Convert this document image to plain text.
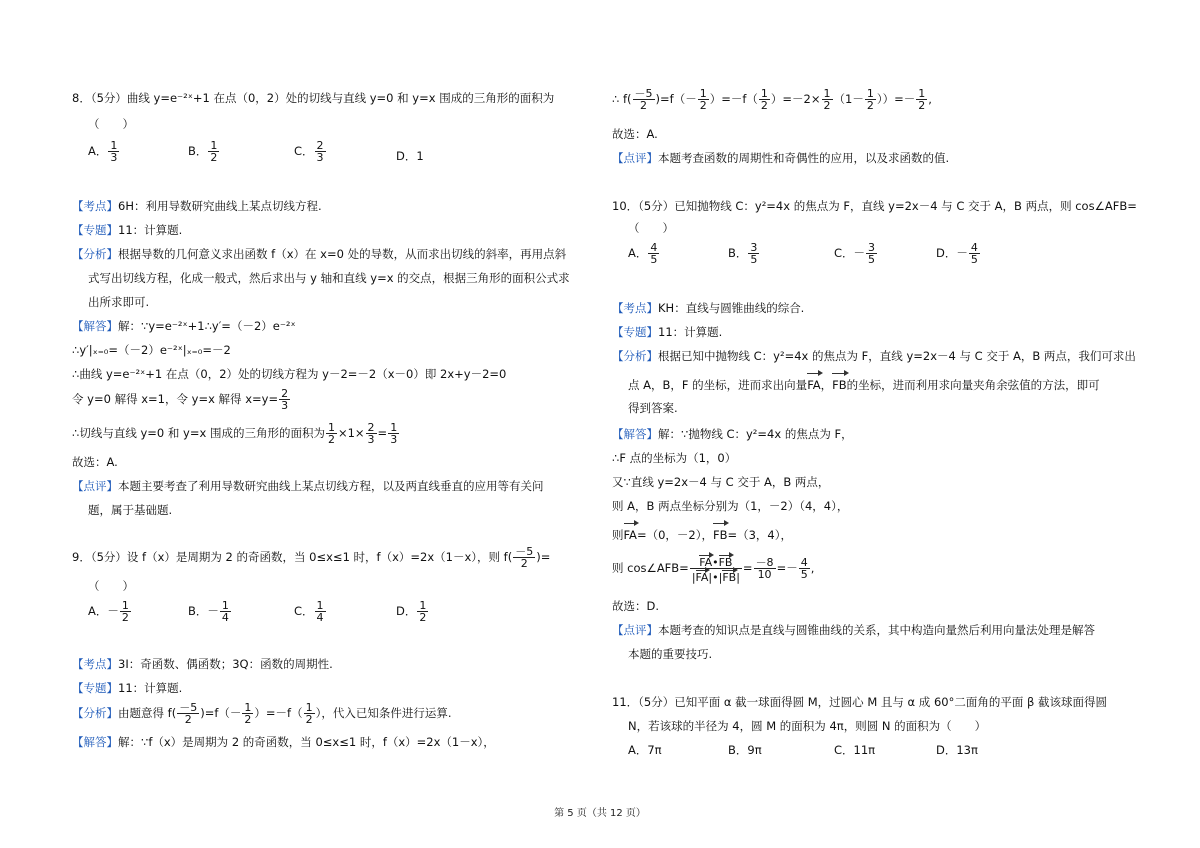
8．（5分）曲线 y=e⁻²ˣ+1 在点（0，2）处的切线与直线 y=0 和 y=x 围成的三角形的面积为
（　　）
A． $\frac{1}{3}$	B． $\frac{1}{2}$	C． $\frac{2}{3}$	D．1
【考点】6H：利用导数研究曲线上某点切线方程.
【专题】11：计算题.
【分析】根据导数的几何意义求出函数 f（x）在 x=0 处的导数，从而求出切线的斜率，再用点斜
式写出切线方程，化成一般式，然后求出与 y 轴和直线 y=x 的交点，根据三角形的面积公式求
出所求即可.
【解答】解：∵y=e⁻²ˣ+1∴y′=（－2）e⁻²ˣ
∴y′|ₓ₌₀=（－2）e⁻²ˣ|ₓ₌₀=－2
∴曲线 y=e⁻²ˣ+1 在点（0，2）处的切线方程为 y－2=－2（x－0）即 2x+y－2=0
令 y=0 解得 x=1，令 y=x 解得 $x=y= \frac{2}{3}$
∴切线与直线 y=0 和 y=x 围成的三角形的面积为 $\frac{1}{2} \times 1\times \frac{2}{3} = \frac{1}{3}$
故选：A.
【点评】本题主要考查了利用导数研究曲线上某点切线方程，以及两直线垂直的应用等有关问
题，属于基础题.
9．（5分）设 f（x）是周期为 2 的奇函数，当 0≤x≤1 时，f（x）=2x（1－x），则 $f( \frac{-5}{2}$ )=
（　　）
A．－ $\frac{1}{2}$	B．－ $\frac{1}{4}$	C． $\frac{1}{4}$	D． $\frac{1}{2}$
【考点】3I：奇函数、偶函数；3Q：函数的周期性.
【专题】11：计算题.
【分析】由题意得 $f( \frac{-5}{2} )=f(- \frac{1}{2} )=-f( \frac{1}{2}$ ），代入已知条件进行运算.
【解答】解：∵f（x）是周期为 2 的奇函数，当 0≤x≤1 时，f（x）=2x（1－x），
∴ $f( \frac{-5}{2} )=f(- \frac{1}{2} )=-f( \frac{1}{2} )=-2\times \frac{1}{2} (1- \frac{1}{2}$ ））=－ $\frac{1}{2}$ ,
故选：A.
【点评】本题考查函数的周期性和奇偶性的应用，以及求函数的值.
10．（5分）已知抛物线 C：y²=4x 的焦点为 F，直线 y=2x－4 与 C 交于 A，B 两点，则 cos∠AFB=
（　　）
A． $\frac{4}{5}$	B． $\frac{3}{5}$	C．－ $\frac{3}{5}$	D．－ $\frac{4}{5}$
【考点】KH：直线与圆锥曲线的综合.
【专题】11：计算题.
【分析】根据已知中抛物线 C：y²=4x 的焦点为 F，直线 y=2x－4 与 C 交于 A，B 两点，我们可求出
点 A，B，F 的坐标，进而求出向量FA，FB的坐标，进而利用求向量夹角余弦值的方法，即可
得到答案.
【解答】解：∵抛物线 C：y²=4x 的焦点为 F，
∴F 点的坐标为（1，0）
又∵直线 y=2x－4 与 C 交于 A，B 两点，
则 A，B 两点坐标分别为（1，－2）（4，4），
则FA=（0，－2），FB=（3，4），
则 cos∠AFB= $\frac{FA•FB}{|FA|•|FB|} = \frac{-8}{10} =- \frac{4}{5}$ ,
故选：D.
【点评】本题考查的知识点是直线与圆锥曲线的关系，其中构造向量然后利用向量法处理是解答
本题的重要技巧.
11．（5分）已知平面 α 截一球面得圆 M，过圆心 M 且与 α 成 60°二面角的平面 β 截该球面得圆
N，若该球的半径为 4，圆 M 的面积为 4π，则圆 N 的面积为（　　）
A．7π	B．9π	C．11π	D．13π
第 5 页（共 12 页）
